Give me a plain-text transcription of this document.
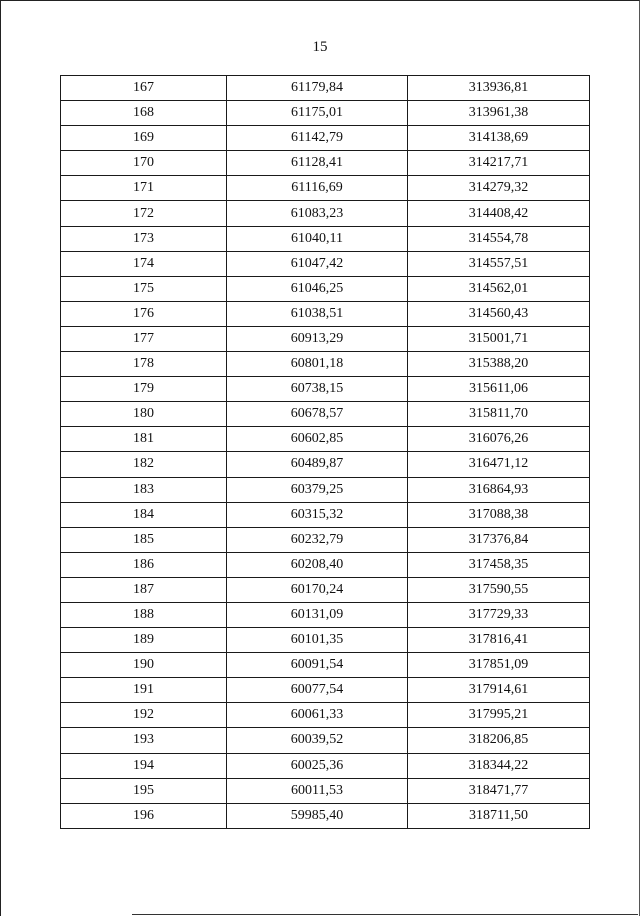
15
167	61179,84	313936,81
168	61175,01	313961,38
169	61142,79	314138,69
170	61128,41	314217,71
171	61116,69	314279,32
172	61083,23	314408,42
173	61040,11	314554,78
174	61047,42	314557,51
175	61046,25	314562,01
176	61038,51	314560,43
177	60913,29	315001,71
178	60801,18	315388,20
179	60738,15	315611,06
180	60678,57	315811,70
181	60602,85	316076,26
182	60489,87	316471,12
183	60379,25	316864,93
184	60315,32	317088,38
185	60232,79	317376,84
186	60208,40	317458,35
187	60170,24	317590,55
188	60131,09	317729,33
189	60101,35	317816,41
190	60091,54	317851,09
191	60077,54	317914,61
192	60061,33	317995,21
193	60039,52	318206,85
194	60025,36	318344,22
195	60011,53	318471,77
196	59985,40	318711,50
